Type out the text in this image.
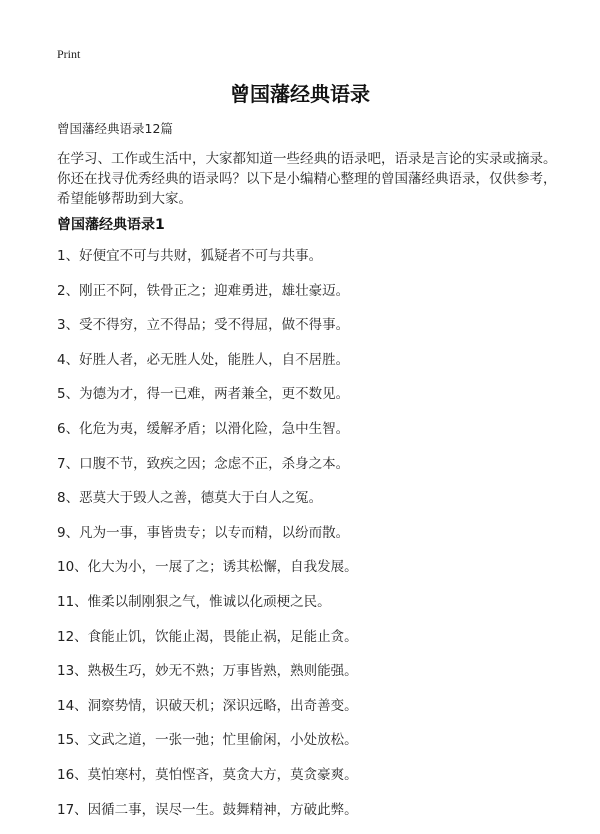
Print
曾国藩经典语录
曾国藩经典语录12篇
在学习、工作或生活中，大家都知道一些经典的语录吧，语录是言论的实录或摘录。你还在找寻优秀经典的语录吗？以下是小编精心整理的曾国藩经典语录，仅供参考，希望能够帮助到大家。
曾国藩经典语录1
1、好便宜不可与共财，狐疑者不可与共事。
2、刚正不阿，铁骨正之；迎难勇进，雄壮豪迈。
3、受不得穷，立不得品；受不得屈，做不得事。
4、好胜人者，必无胜人处，能胜人，自不居胜。
5、为德为才，得一已难，两者兼全，更不数见。
6、化危为夷，缓解矛盾；以滑化险，急中生智。
7、口腹不节，致疾之因；念虑不正，杀身之本。
8、恶莫大于毁人之善，德莫大于白人之冤。
9、凡为一事，事皆贵专；以专而精，以纷而散。
10、化大为小，一展了之；诱其松懈，自我发展。
11、惟柔以制刚狠之气，惟诚以化顽梗之民。
12、食能止饥，饮能止渴，畏能止祸，足能止贪。
13、熟极生巧，妙无不熟；万事皆熟，熟则能强。
14、洞察势情，识破天机；深识远略，出奇善变。
15、文武之道，一张一弛；忙里偷闲，小处放松。
16、莫怕寒村，莫怕悭吝，莫贪大方，莫贪豪爽。
17、因循二事，误尽一生。鼓舞精神，方破此弊。
